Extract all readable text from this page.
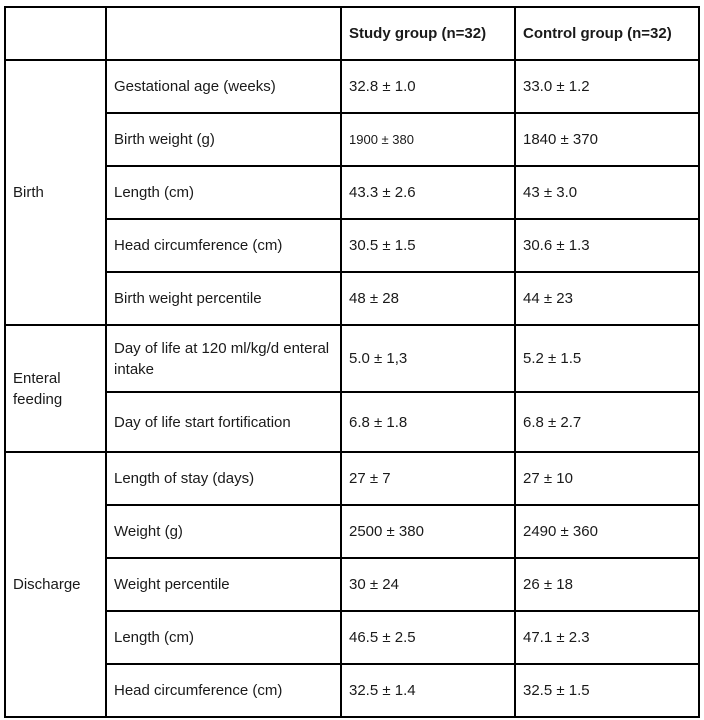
		Study group (n=32)	Control group (n=32)
Birth	Gestational age (weeks)	32.8 ± 1.0	33.0 ± 1.2
	Birth weight (g)	1900 ± 380	1840 ± 370
	Length (cm)	43.3 ± 2.6	43 ± 3.0
	Head circumference (cm)	30.5 ± 1.5	30.6 ± 1.3
	Birth weight percentile	48 ± 28	44 ± 23
Enteral feeding	Day of life at 120 ml/kg/d enteral intake	5.0 ± 1,3	5.2 ± 1.5
	Day of life start fortification	6.8 ± 1.8	6.8 ± 2.7
Discharge	Length of stay (days)	27 ± 7	27 ± 10
	Weight (g)	2500 ± 380	2490 ± 360
	Weight percentile	30 ± 24	26 ± 18
	Length (cm)	46.5 ± 2.5	47.1 ± 2.3
	Head circumference (cm)	32.5 ± 1.4	32.5 ± 1.5
